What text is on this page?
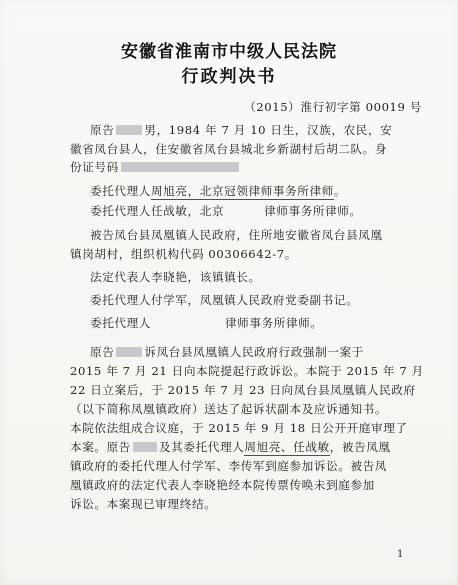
安徽省淮南市中级人民法院
行政判决书
（2015）淮行初字第 00019 号
原告	男，1984 年 7 月 10 日生，汉族，农民，安
徽省凤台县人，住安徽省凤台县城北乡新湖村后胡二队。身
份证号码
委托代理人周旭亮，北京冠领律师事务所律师。
委托代理人任战敏，北京	律师事务所律师。
被告凤台县凤凰镇人民政府，住所地安徽省凤台县凤凰
镇岗胡村，组织机构代码 00306642-7。
法定代表人李晓艳，该镇镇长。
委托代理人付学军，凤凰镇人民政府党委副书记。
委托代理人	律师事务所律师。
原告	诉凤台县凤凰镇人民政府行政强制一案于
2015 年 7 月 21 日向本院提起行政诉讼。本院于 2015 年 7 月
22 日立案后，于 2015 年 7 月 23 日向凤台县凤凰镇人民政府
（以下简称凤凰镇政府）送达了起诉状副本及应诉通知书。
本院依法组成合议庭，于 2015 年 9 月 18 日公开开庭审理了
本案。原告 及其委托代理人周旭亮、任战敏，被告凤凰
镇政府的委托代理人付学军、李传军到庭参加诉讼。被告凤
凰镇政府的法定代表人李晓艳经本院传票传唤未到庭参加
诉讼。本案现已审理终结。
1
